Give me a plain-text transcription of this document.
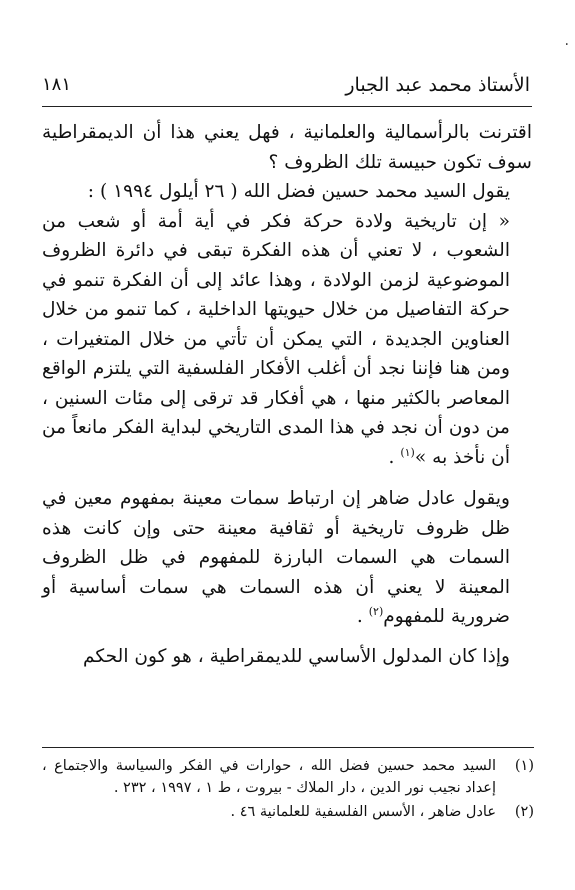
٠
الأستاذ محمد عبد الجبار
١٨١

اقترنت بالرأسمالية والعلمانية ، فهل يعني هذا أن الديمقراطية سوف تكون حبيسة تلك الظروف ؟

يقول السيد محمد حسين فضل الله ( ٢٦ أيلول ١٩٩٤ ) :

« إن تاريخية ولادة حركة فكر في أية أمة أو شعب من الشعوب ، لا تعني أن هذه الفكرة تبقى في دائرة الظروف الموضوعية لزمن الولادة ، وهذا عائد إلى أن الفكرة تنمو في حركة التفاصيل من خلال حيويتها الداخلية ، كما تنمو من خلال العناوين الجديدة ، التي يمكن أن تأتي من خلال المتغيرات ، ومن هنا فإننا نجد أن أغلب الأفكار الفلسفية التي يلتزم الواقع المعاصر بالكثير منها ، هي أفكار قد ترقى إلى مئات السنين ، من دون أن نجد في هذا المدى التاريخي لبداية الفكر مانعاً من أن نأخذ به »$^{(١)}$ .

ويقول عادل ضاهر إن ارتباط سمات معينة بمفهوم معين في ظل ظروف تاريخية أو ثقافية معينة حتى وإن كانت هذه السمات هي السمات البارزة للمفهوم في ظل الظروف المعينة لا يعني أن هذه السمات هي سمات أساسية أو ضرورية للمفهوم$^{(٢)}$ .

وإذا كان المدلول الأساسي للديمقراطية ، هو كون الحكم

(١)
السيد محمد حسين فضل الله ، حوارات في الفكر والسياسة والاجتماع ، إعداد نجيب نور الدين ، دار الملاك - بيروت ، ط ١ ، ١٩٩٧ ، ٢٣٢ .
(٢)
عادل ضاهر ، الأسس الفلسفية للعلمانية ٤٦ .
